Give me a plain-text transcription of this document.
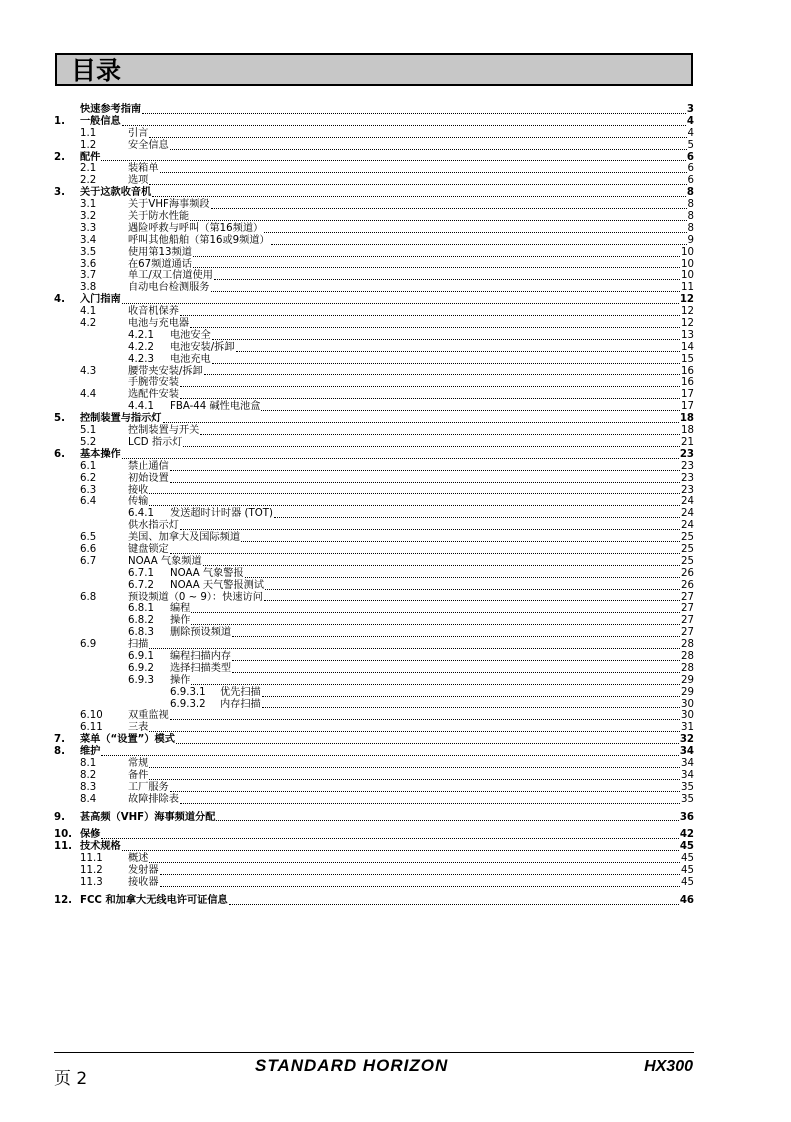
目录
快速参考指南	3
1.	一般信息	4
1.1	引言	4
1.2	安全信息	5
2.	配件	6
2.1	装箱单	6
2.2	选项	6
3.	关于这款收音机	8
3.1	关于VHF海事频段	8
3.2	关于防水性能	8
3.3	遇险呼救与呼叫（第16频道）	8
3.4	呼叫其他船舶（第16或9频道）	9
3.5	使用第13频道	10
3.6	在67频道通话	10
3.7	单工/双工信道使用	10
3.8	自动电台检测服务	11
4.	入门指南	12
4.1	收音机保养	12
4.2	电池与充电器	12
4.2.1	电池安全	13
4.2.2	电池安装/拆卸	14
4.2.3	电池充电	15
4.3	腰带夹安装/拆卸	16
手腕带安装	16
4.4	选配件安装	17
4.4.1	FBA-44 碱性电池盒	17
5.	控制装置与指示灯	18
5.1	控制装置与开关	18
5.2	LCD 指示灯	21
6.	基本操作	23
6.1	禁止通信	23
6.2	初始设置	23
6.3	接收	23
6.4	传输	24
6.4.1	发送超时计时器 (TOT)	24
供水指示灯	24
6.5	美国、加拿大及国际频道	25
6.6	键盘锁定	25
6.7	NOAA 气象频道	25
6.7.1	NOAA 气象警报	26
6.7.2	NOAA 天气警报测试	26
6.8	预设频道（0 ~ 9）：快速访问	27
6.8.1	编程	27
6.8.2	操作	27
6.8.3	删除预设频道	27
6.9	扫描	28
6.9.1	编程扫描内存	28
6.9.2	选择扫描类型	28
6.9.3	操作	29
6.9.3.1	优先扫描	29
6.9.3.2	内存扫描	30
6.10	双重监视	30
6.11	三表	31
7.	菜单（“设置”）模式	32
8.	维护	34
8.1	常规	34
8.2	备件	34
8.3	工厂服务	35
8.4	故障排除表	35
9.	甚高频（VHF）海事频道分配	36
10. 保修	42
11. 技术规格	45
11.1	概述	45
11.2	发射器	45
11.3	接收器	45
12. FCC 和加拿大无线电许可证信息	46
页 2
STANDARD HORIZON	HX300
